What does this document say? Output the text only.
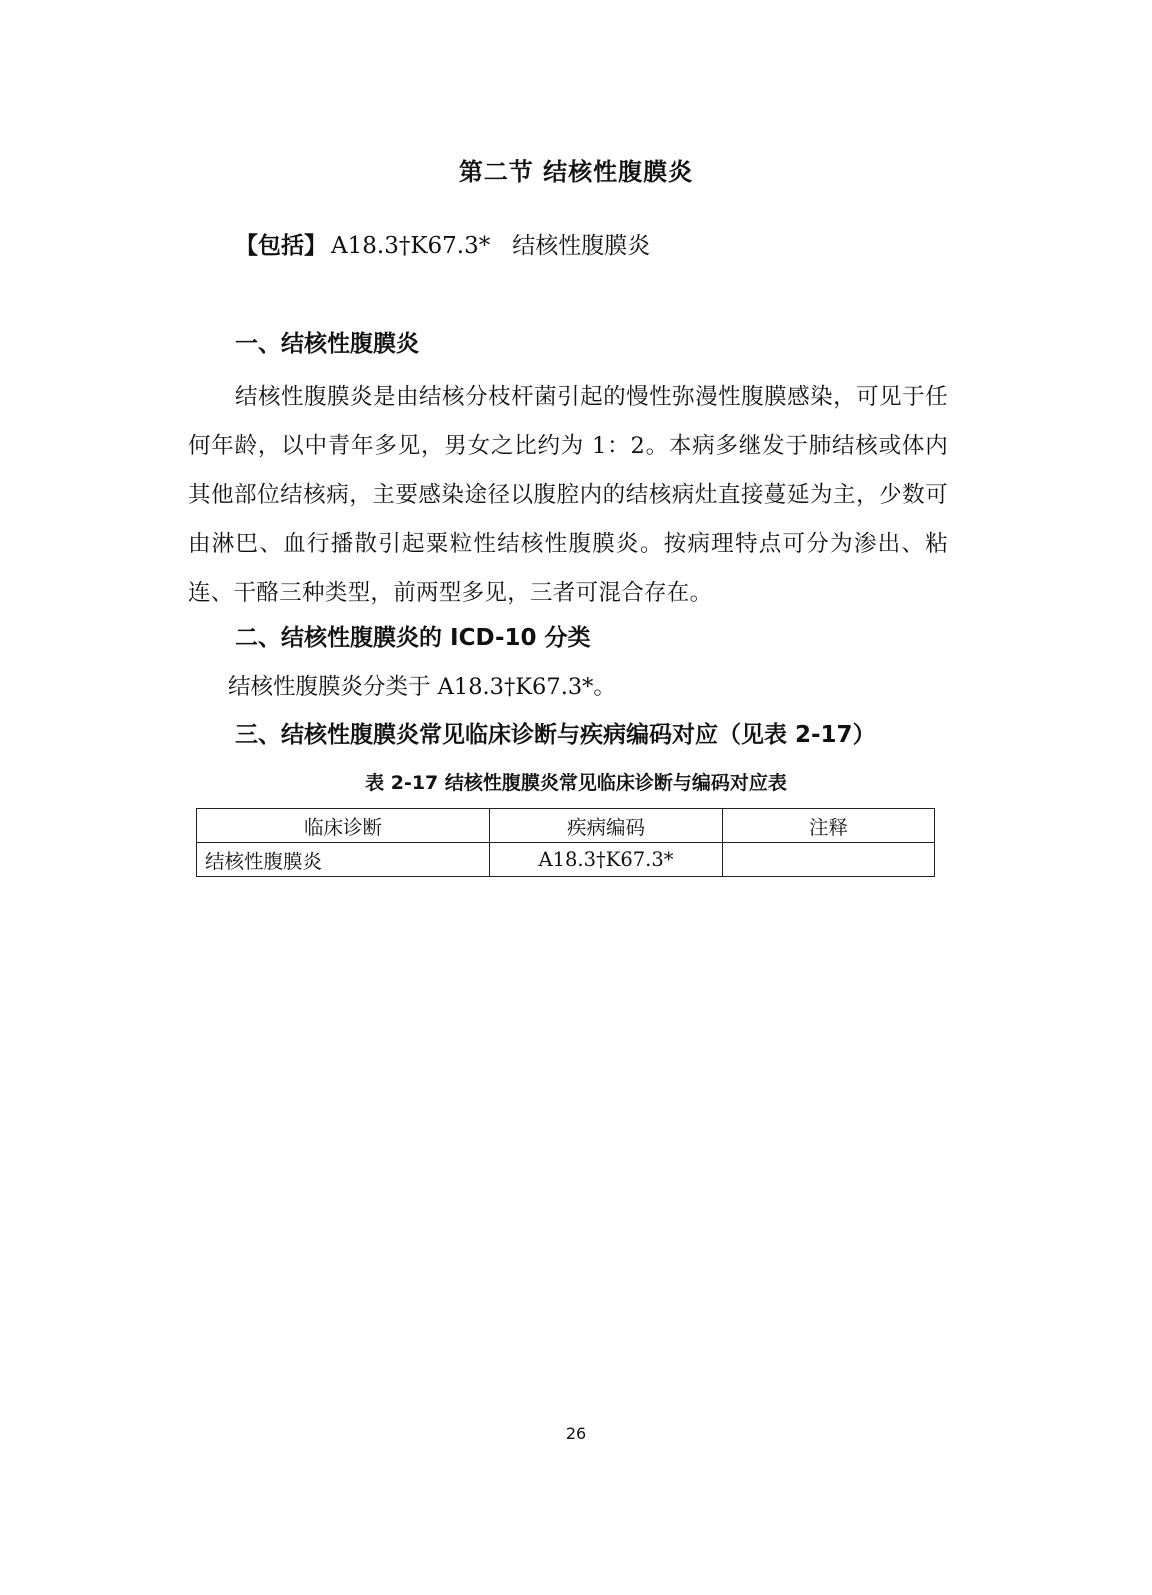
第二节 结核性腹膜炎
【包括】 A18.3†K67.3* 结核性腹膜炎
一、结核性腹膜炎
结核性腹膜炎是由结核分枝杆菌引起的慢性弥漫性腹膜感染，可见于任何年龄，以中青年多见，男女之比约为 1：2。本病多继发于肺结核或体内其他部位结核病，主要感染途径以腹腔内的结核病灶直接蔓延为主，少数可由淋巴、血行播散引起粟粒性结核性腹膜炎。按病理特点可分为渗出、粘连、干酪三种类型，前两型多见，三者可混合存在。
二、结核性腹膜炎的 ICD-10 分类
结核性腹膜炎分类于 A18.3†K67.3*。
三、结核性腹膜炎常见临床诊断与疾病编码对应（见表 2-17）
表 2-17 结核性腹膜炎常见临床诊断与编码对应表
临床诊断	疾病编码	注释
结核性腹膜炎	A18.3†K67.3*	
26
